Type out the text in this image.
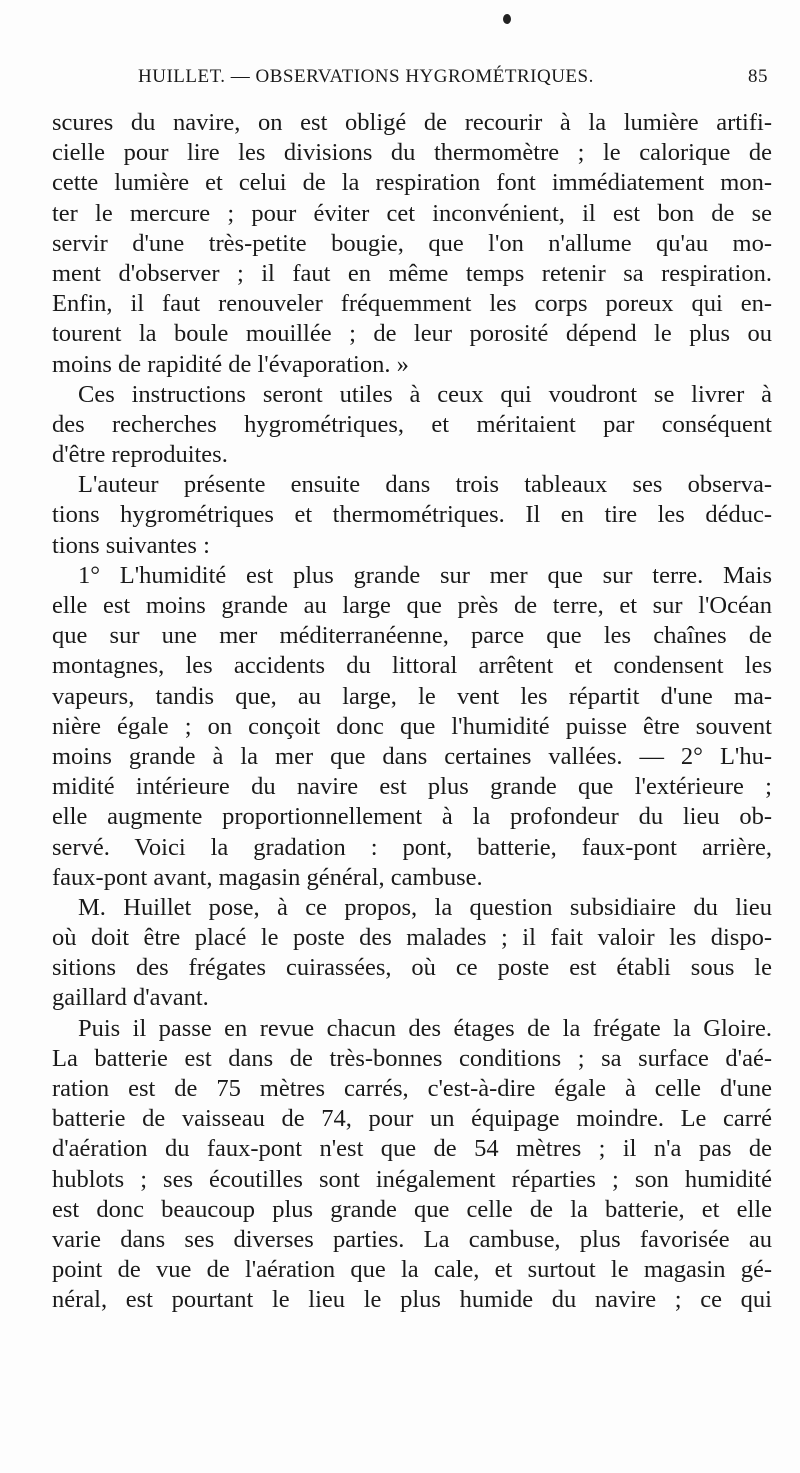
HUILLET. — OBSERVATIONS HYGROMÉTRIQUES.	85
scures du navire, on est obligé de recourir à la lumière artifi-
cielle pour lire les divisions du thermomètre ; le calorique de
cette lumière et celui de la respiration font immédiatement mon-
ter le mercure ; pour éviter cet inconvénient, il est bon de se
servir d'une très-petite bougie, que l'on n'allume qu'au mo-
ment d'observer ; il faut en même temps retenir sa respiration.
Enfin, il faut renouveler fréquemment les corps poreux qui en-
tourent la boule mouillée ; de leur porosité dépend le plus ou
moins de rapidité de l'évaporation. »
Ces instructions seront utiles à ceux qui voudront se livrer à
des recherches hygrométriques, et méritaient par conséquent
d'être reproduites.
L'auteur présente ensuite dans trois tableaux ses observa-
tions hygrométriques et thermométriques. Il en tire les déduc-
tions suivantes :
1° L'humidité est plus grande sur mer que sur terre. Mais
elle est moins grande au large que près de terre, et sur l'Océan
que sur une mer méditerranéenne, parce que les chaînes de
montagnes, les accidents du littoral arrêtent et condensent les
vapeurs, tandis que, au large, le vent les répartit d'une ma-
nière égale ; on conçoit donc que l'humidité puisse être souvent
moins grande à la mer que dans certaines vallées. — 2° L'hu-
midité intérieure du navire est plus grande que l'extérieure ;
elle augmente proportionnellement à la profondeur du lieu ob-
servé. Voici la gradation : pont, batterie, faux-pont arrière,
faux-pont avant, magasin général, cambuse.
M. Huillet pose, à ce propos, la question subsidiaire du lieu
où doit être placé le poste des malades ; il fait valoir les dispo-
sitions des frégates cuirassées, où ce poste est établi sous le
gaillard d'avant.
Puis il passe en revue chacun des étages de la frégate la Gloire.
La batterie est dans de très-bonnes conditions ; sa surface d'aé-
ration est de 75 mètres carrés, c'est-à-dire égale à celle d'une
batterie de vaisseau de 74, pour un équipage moindre. Le carré
d'aération du faux-pont n'est que de 54 mètres ; il n'a pas de
hublots ; ses écoutilles sont inégalement réparties ; son humidité
est donc beaucoup plus grande que celle de la batterie, et elle
varie dans ses diverses parties. La cambuse, plus favorisée au
point de vue de l'aération que la cale, et surtout le magasin gé-
néral, est pourtant le lieu le plus humide du navire ; ce qui
